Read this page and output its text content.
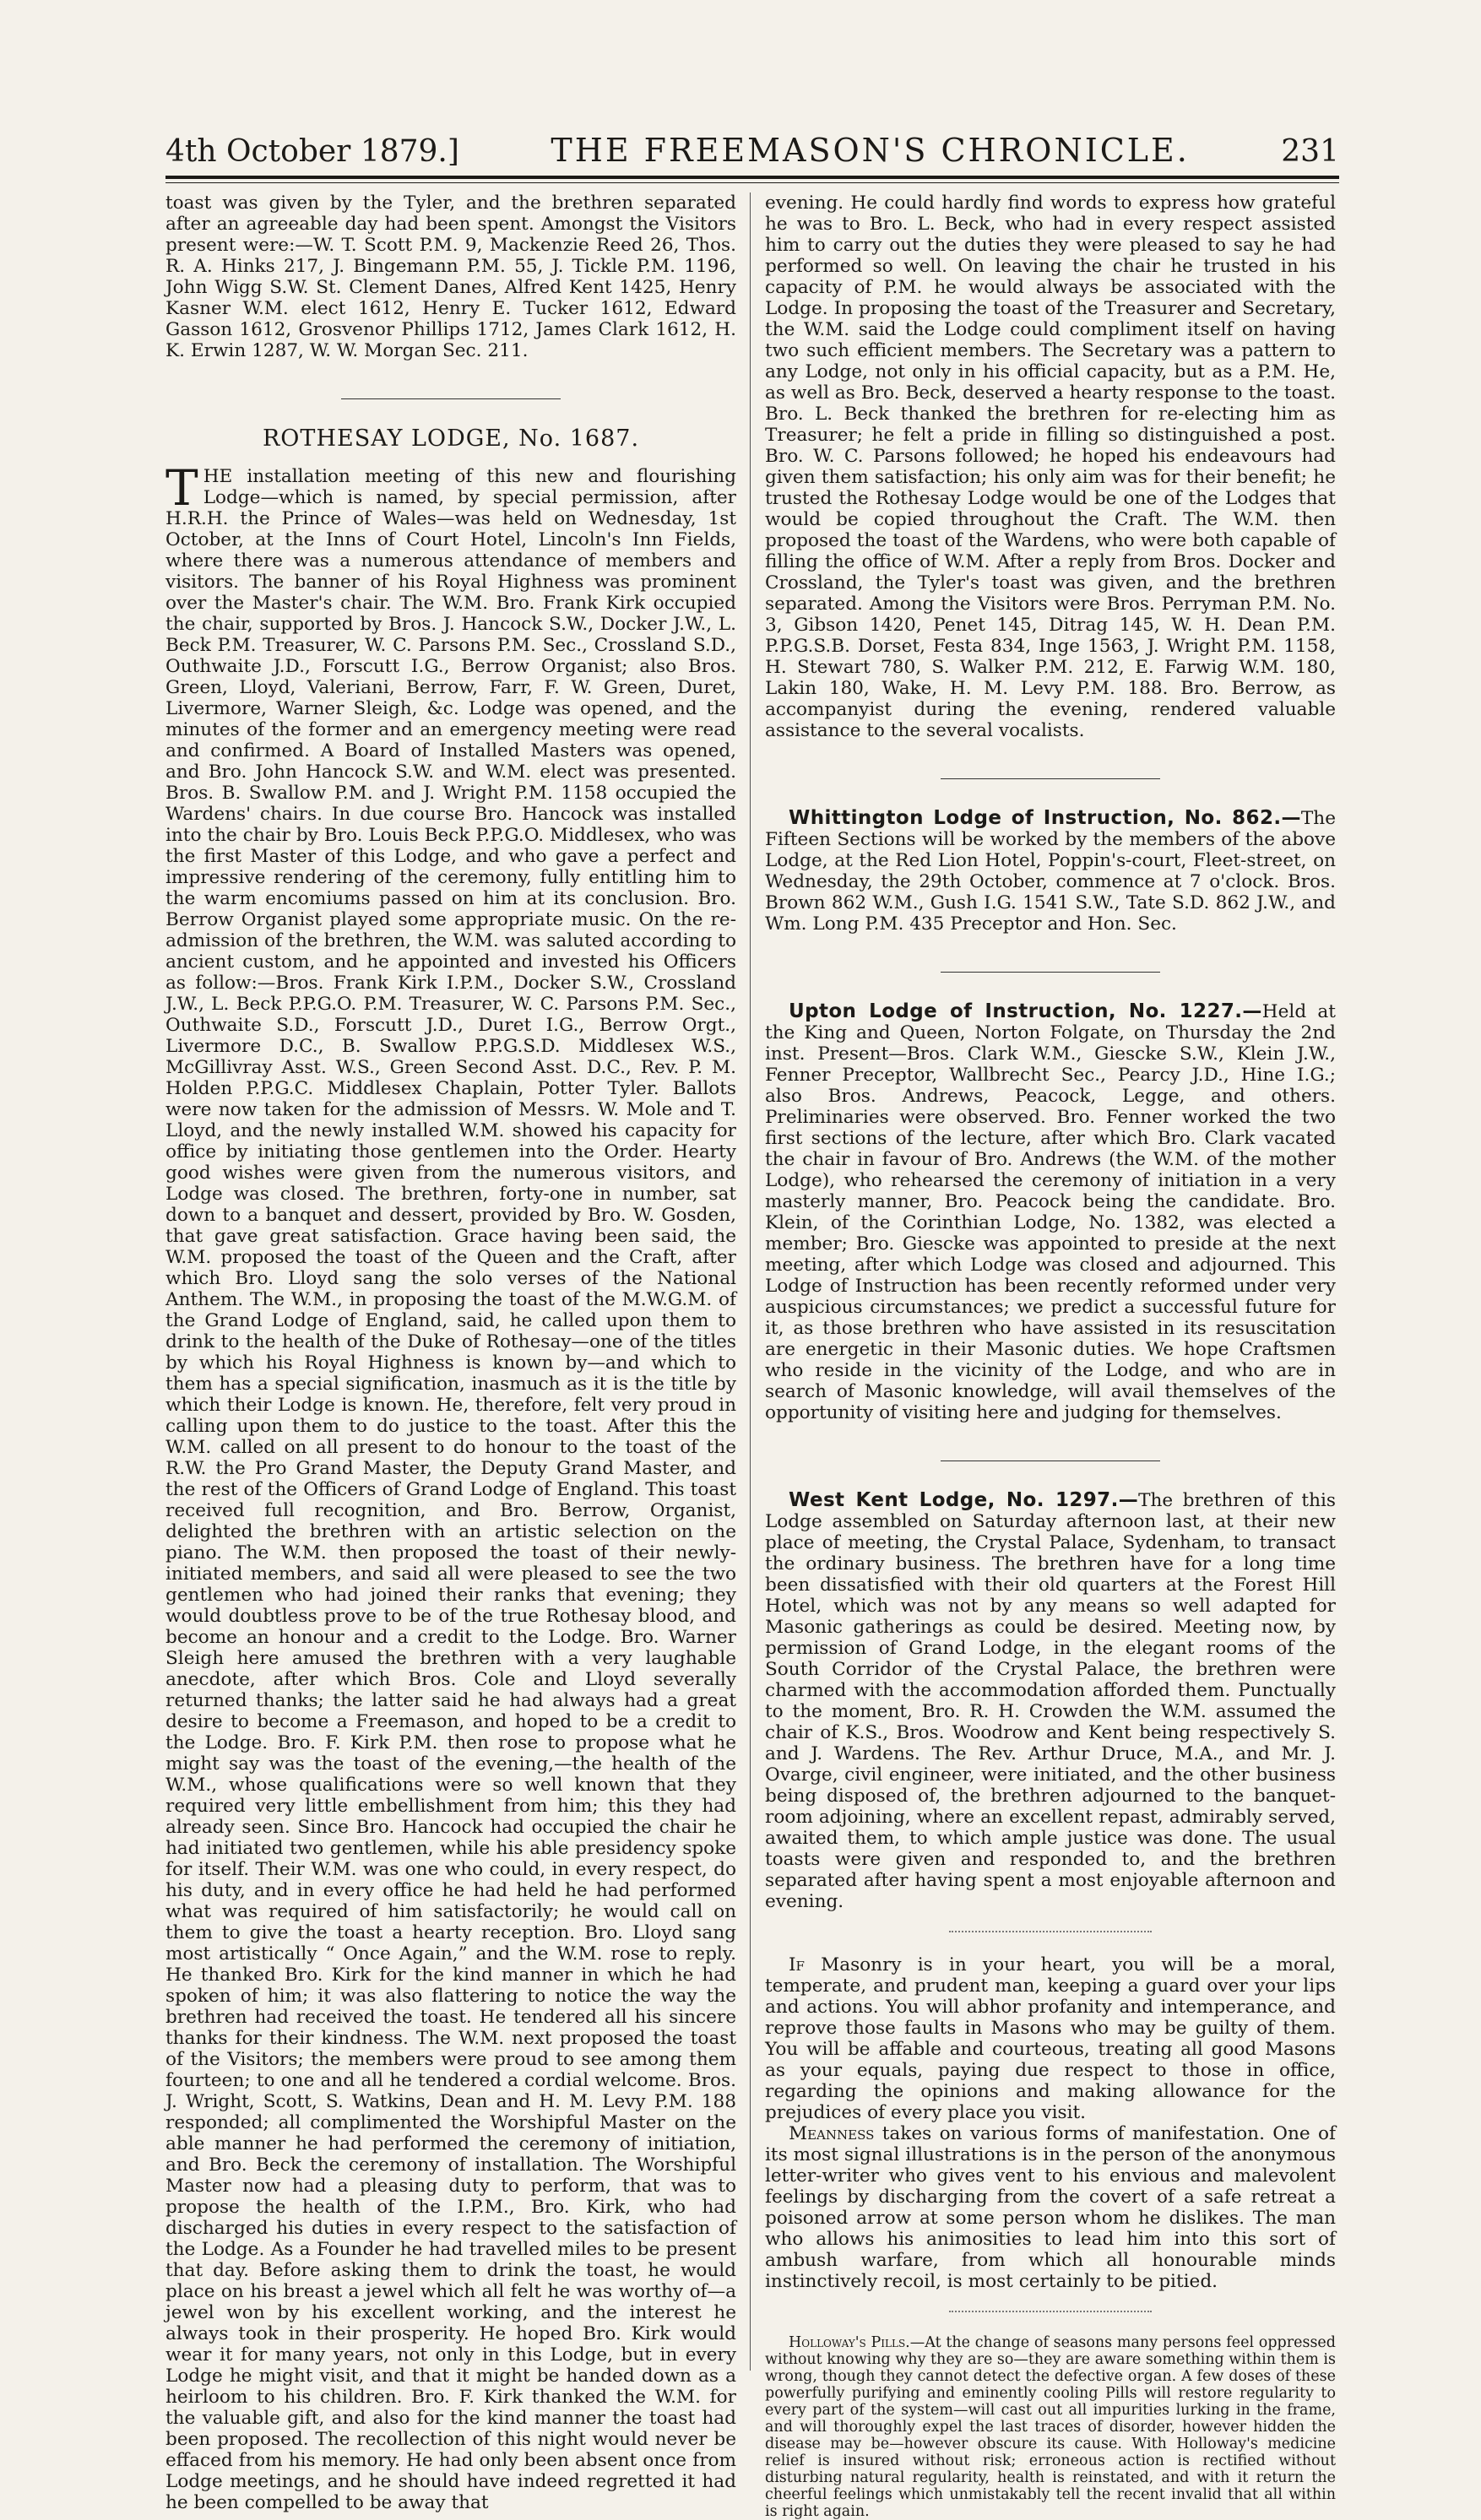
4th October 1879.]	THE FREEMASON'S CHRONICLE.	231

toast was given by the Tyler, and the brethren separated after an agreeable day had been spent. Amongst the Visitors present were:—W. T. Scott P.M. 9, Mackenzie Reed 26, Thos. R. A. Hinks 217, J. Bingemann P.M. 55, J. Tickle P.M. 1196, John Wigg S.W. St. Clement Danes, Alfred Kent 1425, Henry Kasner W.M. elect 1612, Henry E. Tucker 1612, Edward Gasson 1612, Grosvenor Phillips 1712, James Clark 1612, H. K. Erwin 1287, W. W. Morgan Sec. 211.

ROTHESAY LODGE, No. 1687.

THE installation meeting of this new and flourishing Lodge—which is named, by special permission, after H.R.H. the Prince of Wales—was held on Wednesday, 1st October, at the Inns of Court Hotel, Lincoln's Inn Fields, where there was a numerous attendance of members and visitors. The banner of his Royal Highness was prominent over the Master's chair. The W.M. Bro. Frank Kirk occupied the chair, supported by Bros. J. Hancock S.W., Docker J.W., L. Beck P.M. Treasurer, W. C. Parsons P.M. Sec., Crossland S.D., Outhwaite J.D., Forscutt I.G., Berrow Organist; also Bros. Green, Lloyd, Valeriani, Berrow, Farr, F. W. Green, Duret, Livermore, Warner Sleigh, &c. Lodge was opened, and the minutes of the former and an emergency meeting were read and confirmed. A Board of Installed Masters was opened, and Bro. John Hancock S.W. and W.M. elect was presented. Bros. B. Swallow P.M. and J. Wright P.M. 1158 occupied the Wardens' chairs. In due course Bro. Hancock was installed into the chair by Bro. Louis Beck P.P.G.O. Middlesex, who was the first Master of this Lodge, and who gave a perfect and impressive rendering of the ceremony, fully entitling him to the warm encomiums passed on him at its conclusion. Bro. Berrow Organist played some appropriate music. On the re-admission of the brethren, the W.M. was saluted according to ancient custom, and he appointed and invested his Officers as follow:—Bros. Frank Kirk I.P.M., Docker S.W., Crossland J.W., L. Beck P.P.G.O. P.M. Treasurer, W. C. Parsons P.M. Sec., Outhwaite S.D., Forscutt J.D., Duret I.G., Berrow Orgt., Livermore D.C., B. Swallow P.P.G.S.D. Middlesex W.S., McGillivray Asst. W.S., Green Second Asst. D.C., Rev. P. M. Holden P.P.G.C. Middlesex Chaplain, Potter Tyler. Ballots were now taken for the admission of Messrs. W. Mole and T. Lloyd, and the newly installed W.M. showed his capacity for office by initiating those gentlemen into the Order. Hearty good wishes were given from the numerous visitors, and Lodge was closed. The brethren, forty-one in number, sat down to a banquet and dessert, provided by Bro. W. Gosden, that gave great satisfaction. Grace having been said, the W.M. proposed the toast of the Queen and the Craft, after which Bro. Lloyd sang the solo verses of the National Anthem. The W.M., in proposing the toast of the M.W.G.M. of the Grand Lodge of England, said, he called upon them to drink to the health of the Duke of Rothesay—one of the titles by which his Royal Highness is known by—and which to them has a special signification, inasmuch as it is the title by which their Lodge is known. He, therefore, felt very proud in calling upon them to do justice to the toast. After this the W.M. called on all present to do honour to the toast of the R.W. the Pro Grand Master, the Deputy Grand Master, and the rest of the Officers of Grand Lodge of England. This toast received full recognition, and Bro. Berrow, Organist, delighted the brethren with an artistic selection on the piano. The W.M. then proposed the toast of their newly-initiated members, and said all were pleased to see the two gentlemen who had joined their ranks that evening; they would doubtless prove to be of the true Rothesay blood, and become an honour and a credit to the Lodge. Bro. Warner Sleigh here amused the brethren with a very laughable anecdote, after which Bros. Cole and Lloyd severally returned thanks; the latter said he had always had a great desire to become a Freemason, and hoped to be a credit to the Lodge. Bro. F. Kirk P.M. then rose to propose what he might say was the toast of the evening,—the health of the W.M., whose qualifications were so well known that they required very little embellishment from him; this they had already seen. Since Bro. Hancock had occupied the chair he had initiated two gentlemen, while his able presidency spoke for itself. Their W.M. was one who could, in every respect, do his duty, and in every office he had held he had performed what was required of him satisfactorily; he would call on them to give the toast a hearty reception. Bro. Lloyd sang most artistically “ Once Again,” and the W.M. rose to reply. He thanked Bro. Kirk for the kind manner in which he had spoken of him; it was also flattering to notice the way the brethren had received the toast. He tendered all his sincere thanks for their kindness. The W.M. next proposed the toast of the Visitors; the members were proud to see among them fourteen; to one and all he tendered a cordial welcome. Bros. J. Wright, Scott, S. Watkins, Dean and H. M. Levy P.M. 188 responded; all complimented the Worshipful Master on the able manner he had performed the ceremony of initiation, and Bro. Beck the ceremony of installation. The Worshipful Master now had a pleasing duty to perform, that was to propose the health of the I.P.M., Bro. Kirk, who had discharged his duties in every respect to the satisfaction of the Lodge. As a Founder he had travelled miles to be present that day. Before asking them to drink the toast, he would place on his breast a jewel which all felt he was worthy of—a jewel won by his excellent working, and the interest he always took in their prosperity. He hoped Bro. Kirk would wear it for many years, not only in this Lodge, but in every Lodge he might visit, and that it might be handed down as a heirloom to his children. Bro. F. Kirk thanked the W.M. for the valuable gift, and also for the kind manner the toast had been proposed. The recollection of this night would never be effaced from his memory. He had only been absent once from Lodge meetings, and he should have indeed regretted it had he been compelled to be away that

evening. He could hardly find words to express how grateful he was to Bro. L. Beck, who had in every respect assisted him to carry out the duties they were pleased to say he had performed so well. On leaving the chair he trusted in his capacity of P.M. he would always be associated with the Lodge. In proposing the toast of the Treasurer and Secretary, the W.M. said the Lodge could compliment itself on having two such efficient members. The Secretary was a pattern to any Lodge, not only in his official capacity, but as a P.M. He, as well as Bro. Beck, deserved a hearty response to the toast. Bro. L. Beck thanked the brethren for re-electing him as Treasurer; he felt a pride in filling so distinguished a post. Bro. W. C. Parsons followed; he hoped his endeavours had given them satisfaction; his only aim was for their benefit; he trusted the Rothesay Lodge would be one of the Lodges that would be copied throughout the Craft. The W.M. then proposed the toast of the Wardens, who were both capable of filling the office of W.M. After a reply from Bros. Docker and Crossland, the Tyler's toast was given, and the brethren separated. Among the Visitors were Bros. Perryman P.M. No. 3, Gibson 1420, Penet 145, Ditrag 145, W. H. Dean P.M. P.P.G.S.B. Dorset, Festa 834, Inge 1563, J. Wright P.M. 1158, H. Stewart 780, S. Walker P.M. 212, E. Farwig W.M. 180, Lakin 180, Wake, H. M. Levy P.M. 188. Bro. Berrow, as accompanyist during the evening, rendered valuable assistance to the several vocalists.

Whittington Lodge of Instruction, No. 862.—The Fifteen Sections will be worked by the members of the above Lodge, at the Red Lion Hotel, Poppin's-court, Fleet-street, on Wednesday, the 29th October, commence at 7 o'clock. Bros. Brown 862 W.M., Gush I.G. 1541 S.W., Tate S.D. 862 J.W., and Wm. Long P.M. 435 Preceptor and Hon. Sec.

Upton Lodge of Instruction, No. 1227.—Held at the King and Queen, Norton Folgate, on Thursday the 2nd inst. Present—Bros. Clark W.M., Giescke S.W., Klein J.W., Fenner Preceptor, Wallbrecht Sec., Pearcy J.D., Hine I.G.; also Bros. Andrews, Peacock, Legge, and others. Preliminaries were observed. Bro. Fenner worked the two first sections of the lecture, after which Bro. Clark vacated the chair in favour of Bro. Andrews (the W.M. of the mother Lodge), who rehearsed the ceremony of initiation in a very masterly manner, Bro. Peacock being the candidate. Bro. Klein, of the Corinthian Lodge, No. 1382, was elected a member; Bro. Giescke was appointed to preside at the next meeting, after which Lodge was closed and adjourned. This Lodge of Instruction has been recently reformed under very auspicious circumstances; we predict a successful future for it, as those brethren who have assisted in its resuscitation are energetic in their Masonic duties. We hope Craftsmen who reside in the vicinity of the Lodge, and who are in search of Masonic knowledge, will avail themselves of the opportunity of visiting here and judging for themselves.

West Kent Lodge, No. 1297.—The brethren of this Lodge assembled on Saturday afternoon last, at their new place of meeting, the Crystal Palace, Sydenham, to transact the ordinary business. The brethren have for a long time been dissatisfied with their old quarters at the Forest Hill Hotel, which was not by any means so well adapted for Masonic gatherings as could be desired. Meeting now, by permission of Grand Lodge, in the elegant rooms of the South Corridor of the Crystal Palace, the brethren were charmed with the accommodation afforded them. Punctually to the moment, Bro. R. H. Crowden the W.M. assumed the chair of K.S., Bros. Woodrow and Kent being respectively S. and J. Wardens. The Rev. Arthur Druce, M.A., and Mr. J. Ovarge, civil engineer, were initiated, and the other business being disposed of, the brethren adjourned to the banquet-room adjoining, where an excellent repast, admirably served, awaited them, to which ample justice was done. The usual toasts were given and responded to, and the brethren separated after having spent a most enjoyable afternoon and evening.

If Masonry is in your heart, you will be a moral, temperate, and prudent man, keeping a guard over your lips and actions. You will abhor profanity and intemperance, and reprove those faults in Masons who may be guilty of them. You will be affable and courteous, treating all good Masons as your equals, paying due respect to those in office, regarding the opinions and making allowance for the prejudices of every place you visit.

Meanness takes on various forms of manifestation. One of its most signal illustrations is in the person of the anonymous letter-writer who gives vent to his envious and malevolent feelings by discharging from the covert of a safe retreat a poisoned arrow at some person whom he dislikes. The man who allows his animosities to lead him into this sort of ambush warfare, from which all honourable minds instinctively recoil, is most certainly to be pitied.

Holloway's Pills.—At the change of seasons many persons feel oppressed without knowing why they are so—they are aware something within them is wrong, though they cannot detect the defective organ. A few doses of these powerfully purifying and eminently cooling Pills will restore regularity to every part of the system—will cast out all impurities lurking in the frame, and will thoroughly expel the last traces of disorder, however hidden the disease may be—however obscure its cause. With Holloway's medicine relief is insured without risk; erroneous action is rectified without disturbing natural regularity, health is reinstated, and with it return the cheerful feelings which unmistakably tell the recent invalid that all within is right again.
